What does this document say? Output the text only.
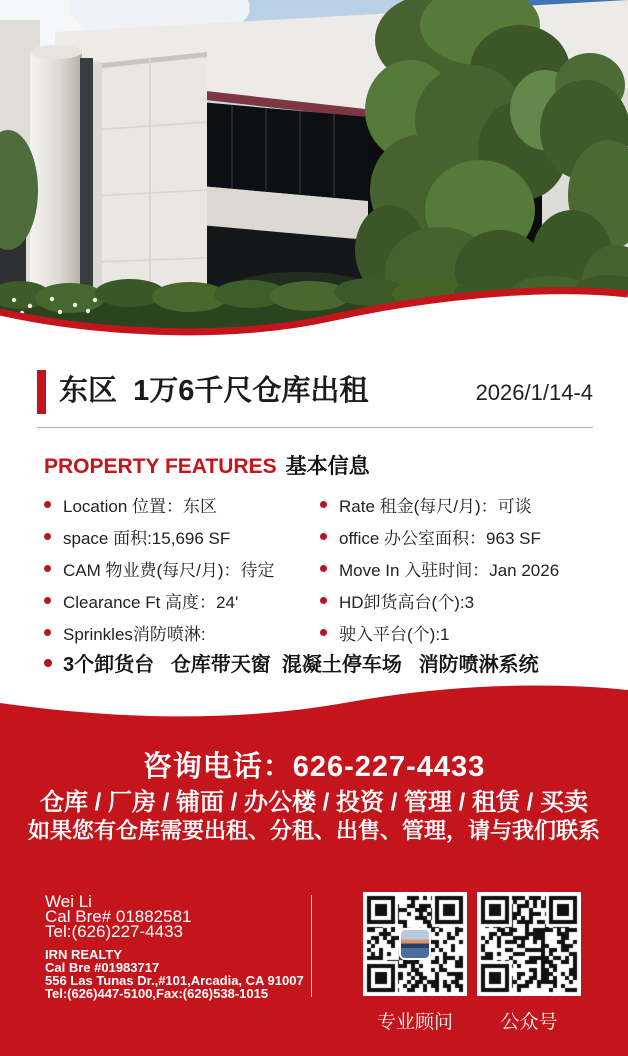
东区  1万6千尺仓库出租	2026/1/14-4
PROPERTY FEATURES 基本信息
Location 位置：东区
space 面积:15,696 SF
CAM 物业费(每尺/月)：待定
Clearance Ft 高度：24'
Sprinkles消防喷淋:
Rate 租金(每尺/月)：可谈
office 办公室面积：963 SF
Move In 入驻时间：Jan 2026
HD卸货高台(个):3
驶入平台(个):1
3个卸货台   仓库带天窗  混凝土停车场   消防喷淋系统
咨询电话：626-227-4433
仓库 / 厂房 / 铺面 / 办公楼 / 投资 / 管理 / 租赁 / 买卖
如果您有仓库需要出租、分租、出售、管理，请与我们联系
Wei Li
Cal Bre# 01882581
Tel:(626)227-4433
IRN REALTY
Cal Bre #01983717
556 Las Tunas Dr.,#101,Arcadia, CA 91007
Tel:(626)447-5100,Fax:(626)538-1015
专业顾问	公众号
